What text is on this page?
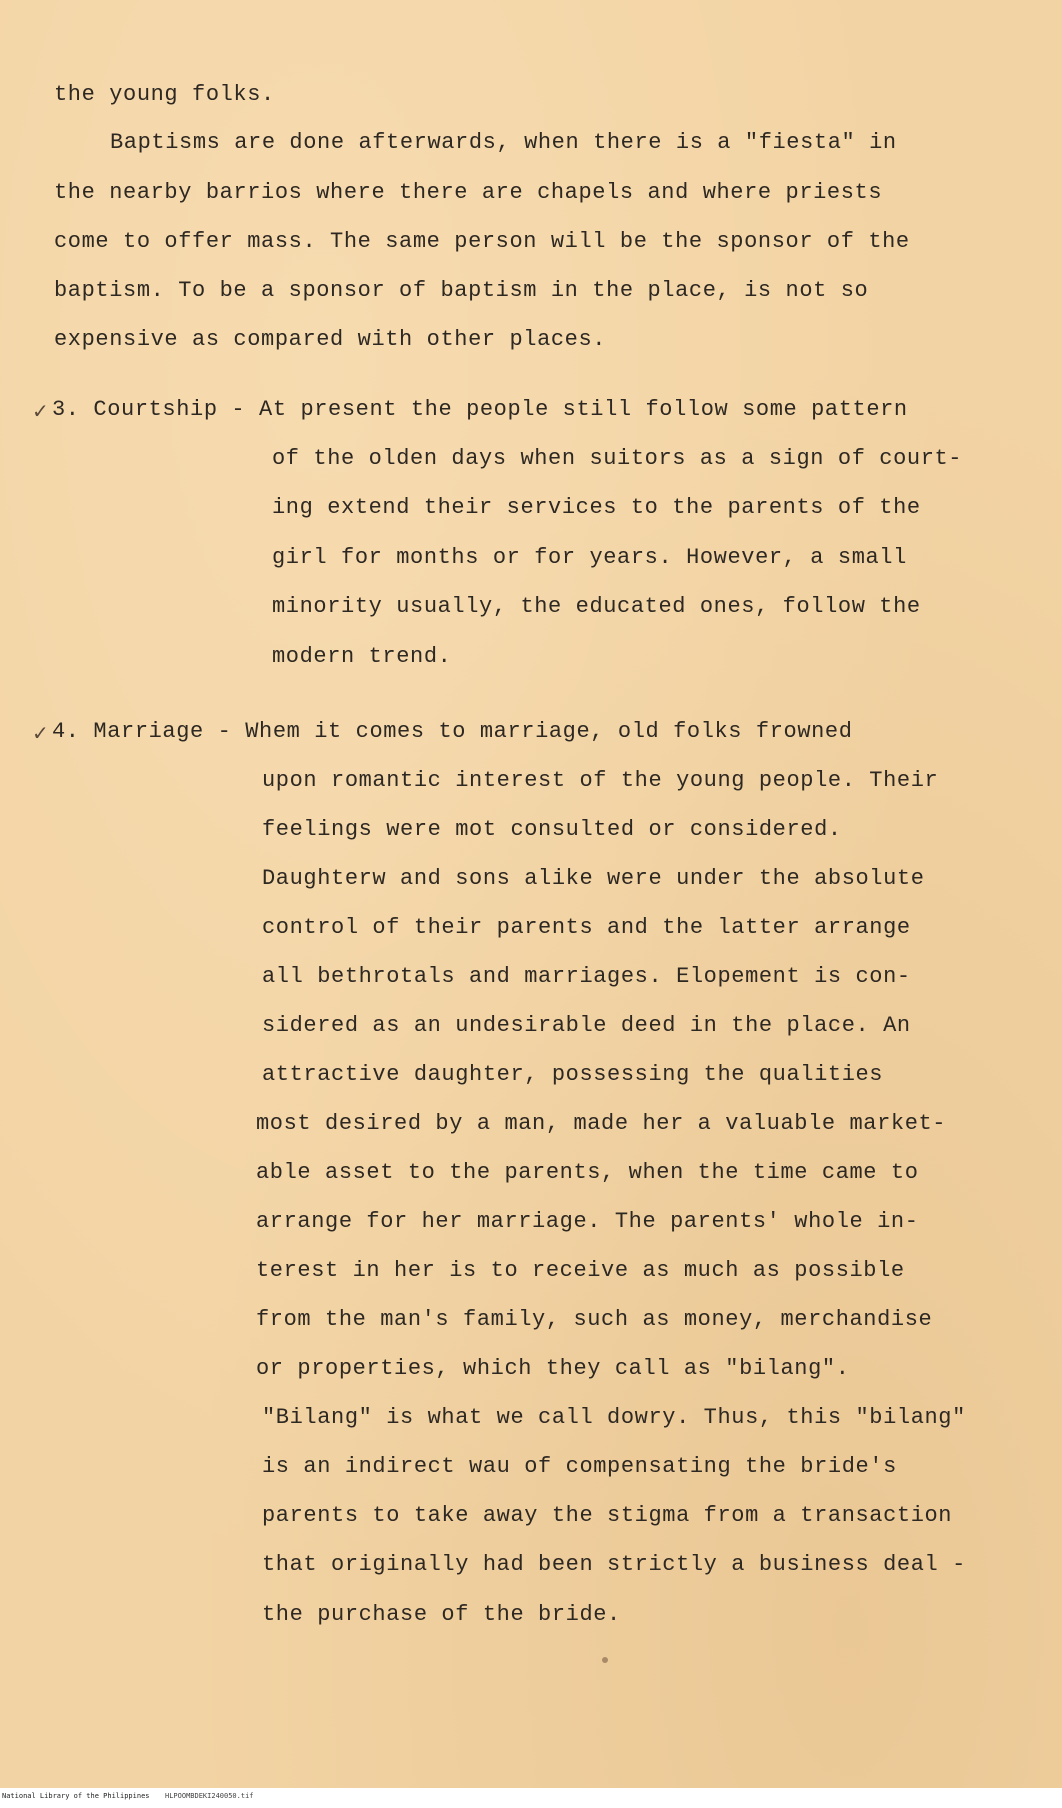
the young folks.
Baptisms are done afterwards, when there is a "fiesta" in
the nearby barrios where there are chapels and where priests
come to offer mass. The same person will be the sponsor of the
baptism. To be a sponsor of baptism in the place, is not so
expensive as compared with other places.
✓ 3. Courtship - At present the people still follow some pattern
of the olden days when suitors as a sign of court-
ing extend their services to the parents of the
girl for months or for years. However, a small
minority usually, the educated ones, follow the
modern trend.
✓ 4. Marriage - Whem it comes to marriage, old folks frowned
upon romantic interest of the young people. Their
feelings were mot consulted or considered.
Daughterw and sons alike were under the absolute
control of their parents and the latter arrange
all bethrotals and marriages. Elopement is con-
sidered as an undesirable deed in the place. An
attractive daughter, possessing the qualities
most desired by a man, made her a valuable market-
able asset to the parents, when the time came to
arrange for her marriage. The parents' whole in-
terest in her is to receive as much as possible
from the man's family, such as money, merchandise
or properties, which they call as "bilang".
"Bilang" is what we call dowry. Thus, this "bilang"
is an indirect wau of compensating the bride's
parents to take away the stigma from a transaction
that originally had been strictly a business deal -
the purchase of the bride.
National Library of the Philippines HLPOOMBDEKI240050.tif
